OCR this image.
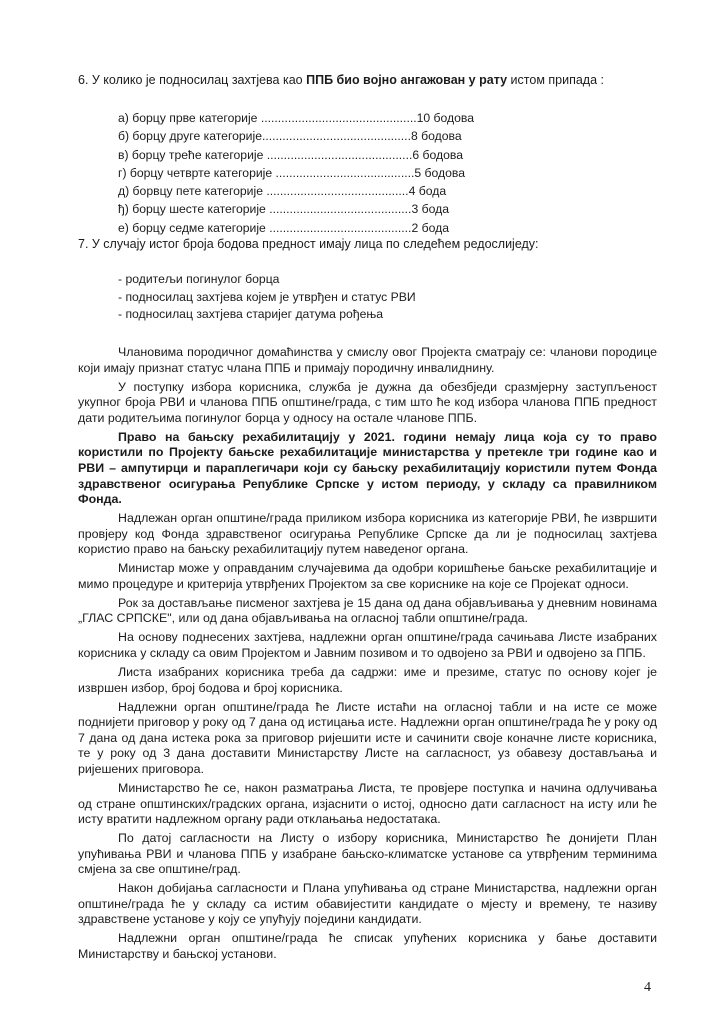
6. У колико је подносилац захтјева као ППБ био војно ангажован у рату истом припада :
а) борцу прве категорије ..............................................10 бодова
б) борцу друге категорије............................................8 бодова
в) борцу треће категорије ...........................................6 бодова
г) борцу четврте категорије .........................................5 бодова
д) борвцу пете категорије ..........................................4 бода
ђ) борцу шесте категорије ..........................................3 бода
е) борцу седме категорије ..........................................2 бода
7. У случају истог броја бодова предност имају лица по следећем редослиједу:
- родитељи погинулог борца
- подносилац захтјева којем је утврђен и статус РВИ
- подносилац захтјева старијег датума рођења

Члановима породичног домаћинства у смислу овог Пројекта сматрају се: чланови породице који имају признат статус члана ППБ и примају породичну инвалиднину.

У поступку избора корисника, служба је дужна да обезбједи сразмјерну заступљеност укупног броја РВИ и чланова ППБ општине/града, с тим што ће код избора чланова ППБ предност дати родитељима погинулог борца у односу на остале чланове ППБ.

Право на бањску рехабилитацију у 2021. години немају лица која су то право користили по Пројекту бањске рехабилитације министарства у претекле три године као и РВИ – ампутирци и параплегичари који су бањску рехабилитацију користили путем Фонда здравственог осигурања Републике Српске у истом периоду, у складу са правилником Фонда.

Надлежан орган општине/града приликом избора корисника из категорије РВИ, ће извршити провјеру код Фонда здравственог осигурања Републике Српске да ли је подносилац захтјева користио право на бањску рехабилитацију путем наведеног органа.

Министар може у оправданим случајевима да одобри коришћење бањске рехабилитације и мимо процедуре и критерија утврђених Пројектом за све кориснике на које се Пројекат односи.

Рок за достављање писменог захтјева је 15 дана од дана објављивања у дневним новинама „ГЛАС СРПСКЕ", или од дана објављивања на огласној табли општине/града.

На основу поднесених захтјева, надлежни орган општине/града сачињава Листе изабраних корисника у складу са овим Пројектом и Јавним позивом и то одвојено за РВИ и одвојено за ППБ.

Листа изабраних корисника треба да садржи: име и презиме, статус по основу којег је извршен избор, број бодова и број корисника.

Надлежни орган општине/града ће Листе истаћи на огласној табли и на исте се може поднијети приговор у року од 7 дана од истицања исте. Надлежни орган општине/града ће у року од 7 дана од дана истека рока за приговор ријешити исте и сачинити своје коначне листе корисника, те у року од 3 дана доставити Министарству Листе на сагласност, уз обавезу достављања и ријешених приговора.

Министарство ће се, након разматрања Листа, те провјере поступка и начина одлучивања од стране општинских/градских органа, изјаснити о истој, односно дати сагласност на исту или ће исту вратити надлежном органу ради отклањања недостатака.

По датој сагласности на Листу о избору корисника, Министарство ће донијети План упућивања РВИ и чланова ППБ у изабране бањско-климатске установе са утврђеним терминима смјена за све општине/град.

Након добијања сагласности и Плана упућивања од стране Министарства, надлежни орган општине/града ће у складу са истим обавијестити кандидате о мјесту и времену, те називу здравствене установе у коју се упућују поједини кандидати.

Надлежни орган општине/града ће списак упућених корисника у бање доставити Министарству и бањској установи.

4
